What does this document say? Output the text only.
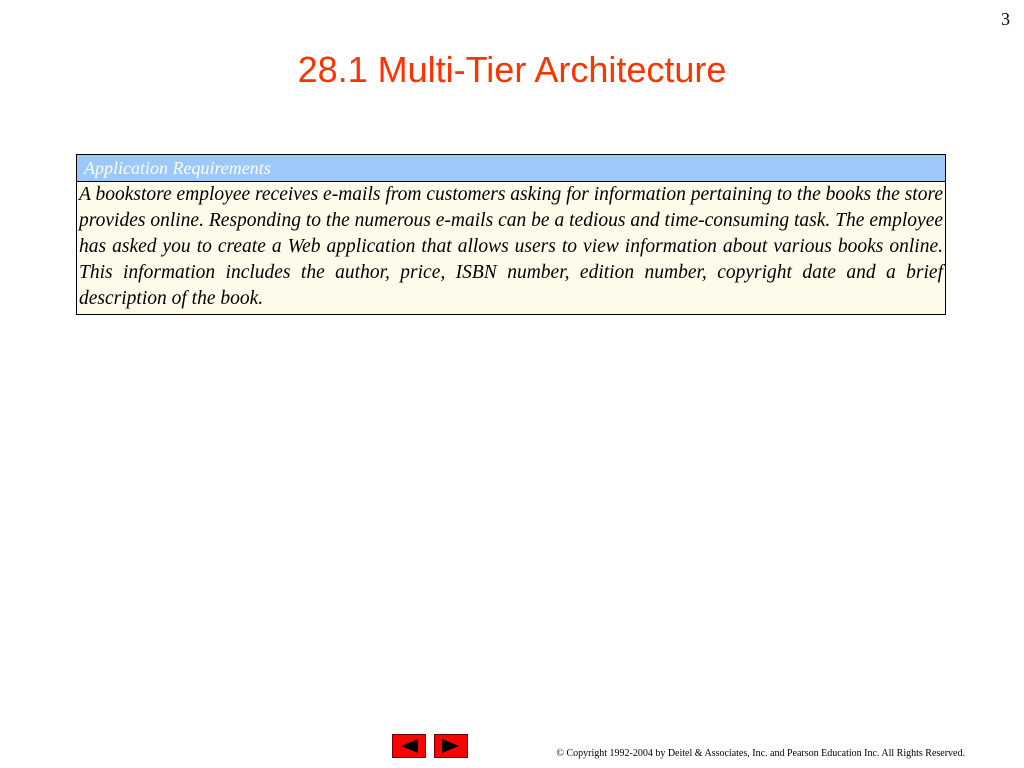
3
28.1 Multi-Tier Architecture
Application Requirements
A bookstore employee receives e-mails from customers asking for information pertaining to the books the store provides online. Responding to the numerous e-mails can be a tedious and time-consuming task. The employee has asked you to create a Web application that allows users to view information about various books online. This information includes the author, price, ISBN number, edition number, copyright date and a brief description of the book.
© Copyright 1992-2004 by Deitel & Associates, Inc. and Pearson Education Inc. All Rights Reserved.
